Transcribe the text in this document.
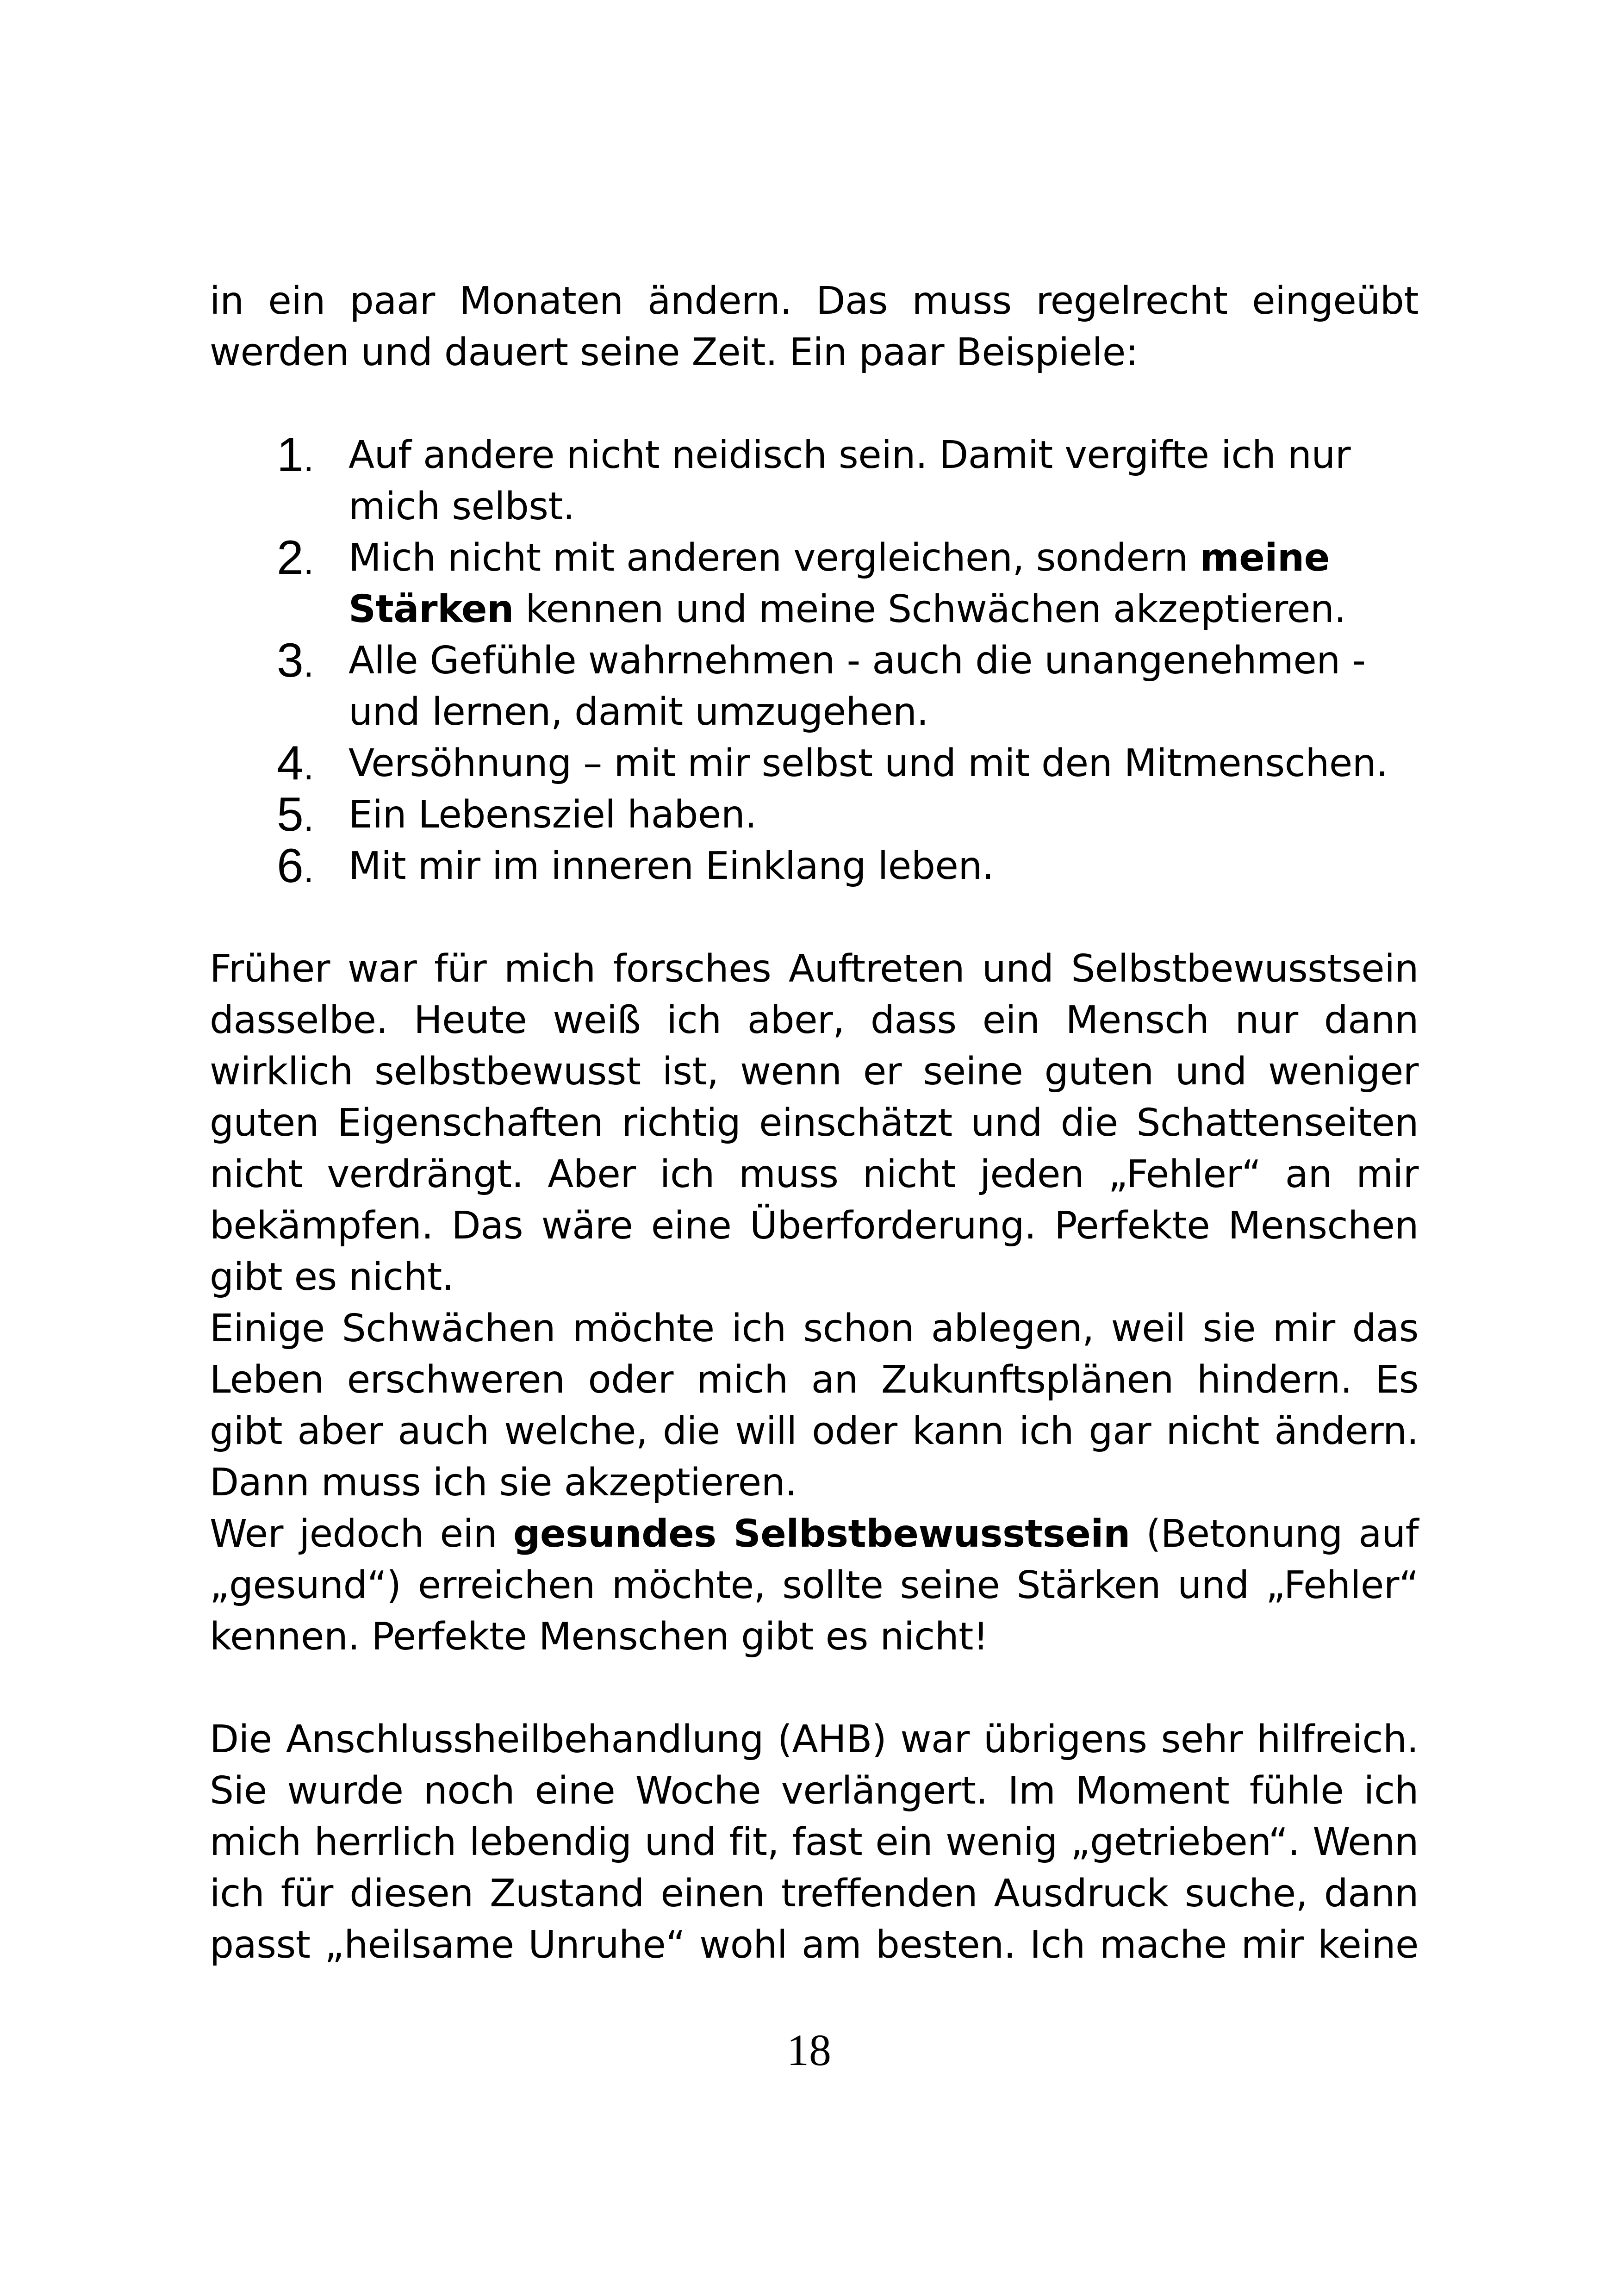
in ein paar Monaten ändern. Das muss regelrecht eingeübt werden und dauert seine Zeit. Ein paar Beispiele:

1. Auf andere nicht neidisch sein. Damit vergifte ich nur mich selbst.
2. Mich nicht mit anderen vergleichen, sondern meine Stärken kennen und meine Schwächen akzeptieren.
3. Alle Gefühle wahrnehmen - auch die unangenehmen - und lernen, damit umzugehen.
4. Versöhnung – mit mir selbst und mit den Mitmenschen.
5. Ein Lebensziel haben.
6. Mit mir im inneren Einklang leben.

Früher war für mich forsches Auftreten und Selbstbewusstsein dasselbe. Heute weiß ich aber, dass ein Mensch nur dann wirklich selbstbewusst ist, wenn er seine guten und weniger guten Eigenschaften richtig einschätzt und die Schattenseiten nicht verdrängt. Aber ich muss nicht jeden „Fehler“ an mir bekämpfen. Das wäre eine Überforderung. Perfekte Menschen gibt es nicht.

Einige Schwächen möchte ich schon ablegen, weil sie mir das Leben erschweren oder mich an Zukunftsplänen hindern. Es gibt aber auch welche, die will oder kann ich gar nicht ändern. Dann muss ich sie akzeptieren.

Wer jedoch ein gesundes Selbstbewusstsein (Betonung auf „gesund“) erreichen möchte, sollte seine Stärken und „Fehler“ kennen. Perfekte Menschen gibt es nicht!

Die Anschlussheilbehandlung (AHB) war übrigens sehr hilfreich. Sie wurde noch eine Woche verlängert. Im Moment fühle ich mich herrlich lebendig und fit, fast ein wenig „getrieben“. Wenn ich für diesen Zustand einen treffenden Ausdruck suche, dann passt „heilsame Unruhe“ wohl am besten. Ich mache mir keine

18
